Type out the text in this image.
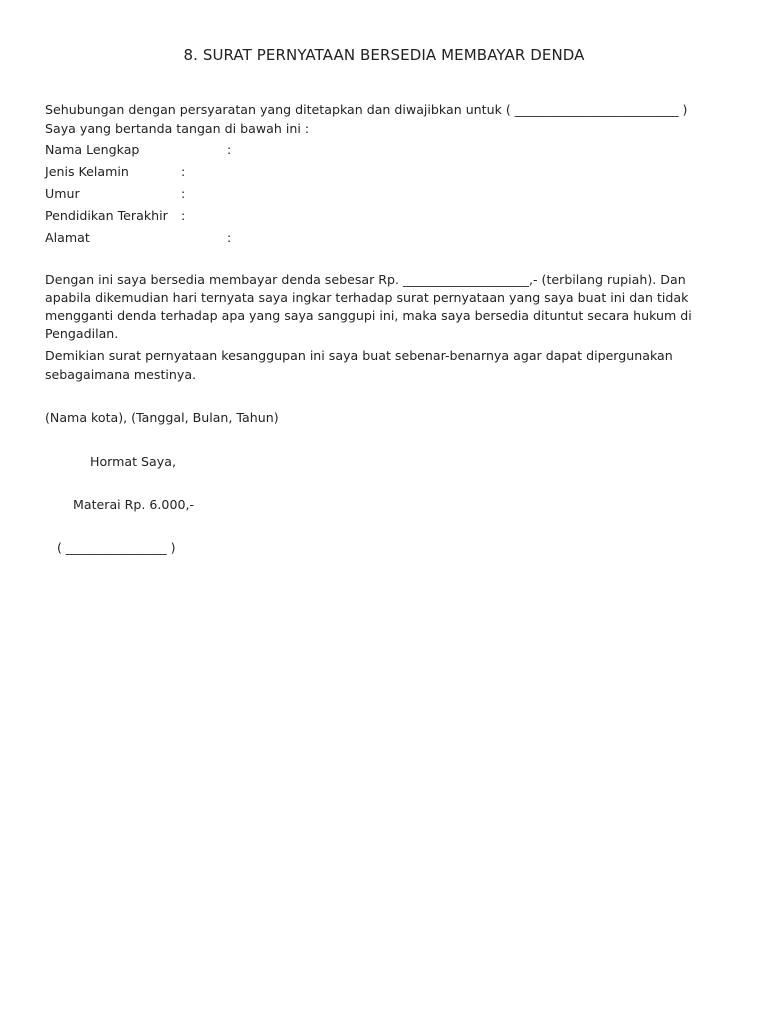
8. SURAT PERNYATAAN BERSEDIA MEMBAYAR DENDA
Sehubungan dengan persyaratan yang ditetapkan dan diwajibkan untuk ( __________________________ )
Saya yang bertanda tangan di bawah ini :
Nama Lengkap	:
Jenis Kelamin	:
Umur	:
Pendidikan Terakhir :
Alamat	:
Dengan ini saya bersedia membayar denda sebesar Rp. ____________________,- (terbilang rupiah). Dan
apabila dikemudian hari ternyata saya ingkar terhadap surat pernyataan yang saya buat ini dan tidak
mengganti denda terhadap apa yang saya sanggupi ini, maka saya bersedia dituntut secara hukum di
Pengadilan.
Demikian surat pernyataan kesanggupan ini saya buat sebenar-benarnya agar dapat dipergunakan
sebagaimana mestinya.
(Nama kota), (Tanggal, Bulan, Tahun)
Hormat Saya,
Materai Rp. 6.000,-
( ________________ )
